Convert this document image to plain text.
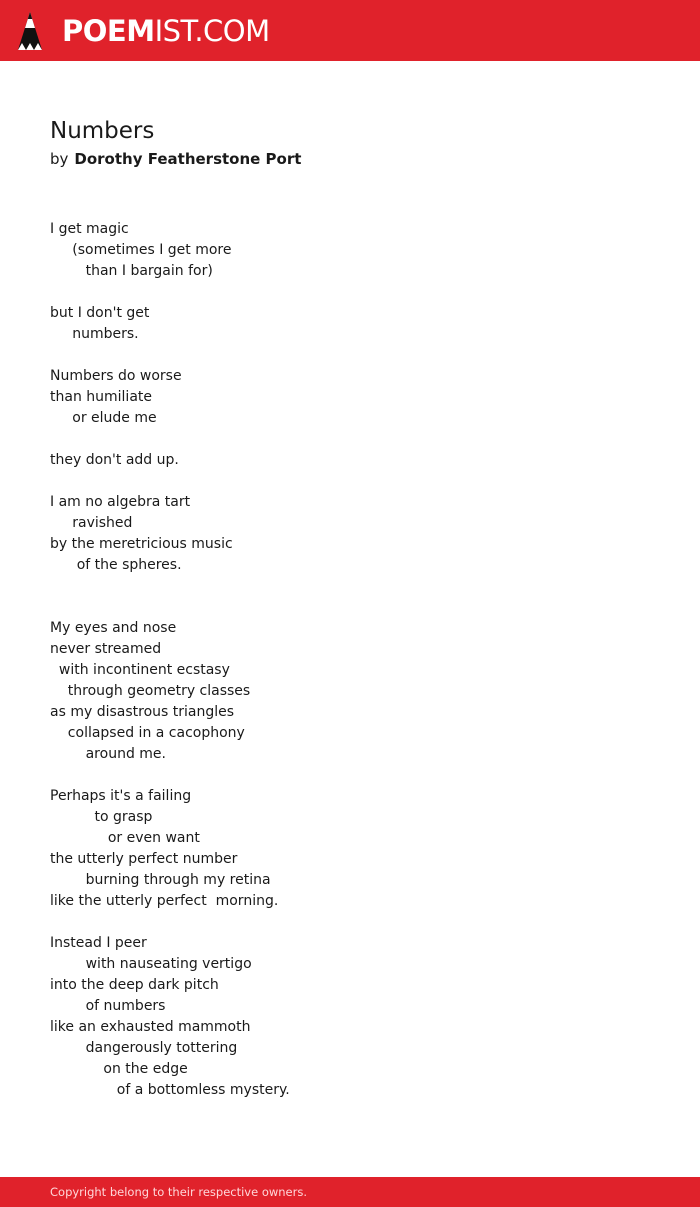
POEMIST.COM
Numbers
by Dorothy Featherstone Port
I get magic
(sometimes I get more
than I bargain for)
but I don't get
numbers.
Numbers do worse
than humiliate
or elude me
they don't add up.
I am no algebra tart
ravished
by the meretricious music
of the spheres.
My eyes and nose
never streamed
with incontinent ecstasy
through geometry classes
as my disastrous triangles
collapsed in a cacophony
around me.
Perhaps it's a failing
to grasp
or even want
the utterly perfect number
burning through my retina
like the utterly perfect  morning.
Instead I peer
with nauseating vertigo
into the deep dark pitch
of numbers
like an exhausted mammoth
dangerously tottering
on the edge
of a bottomless mystery.
Copyright belong to their respective owners.
